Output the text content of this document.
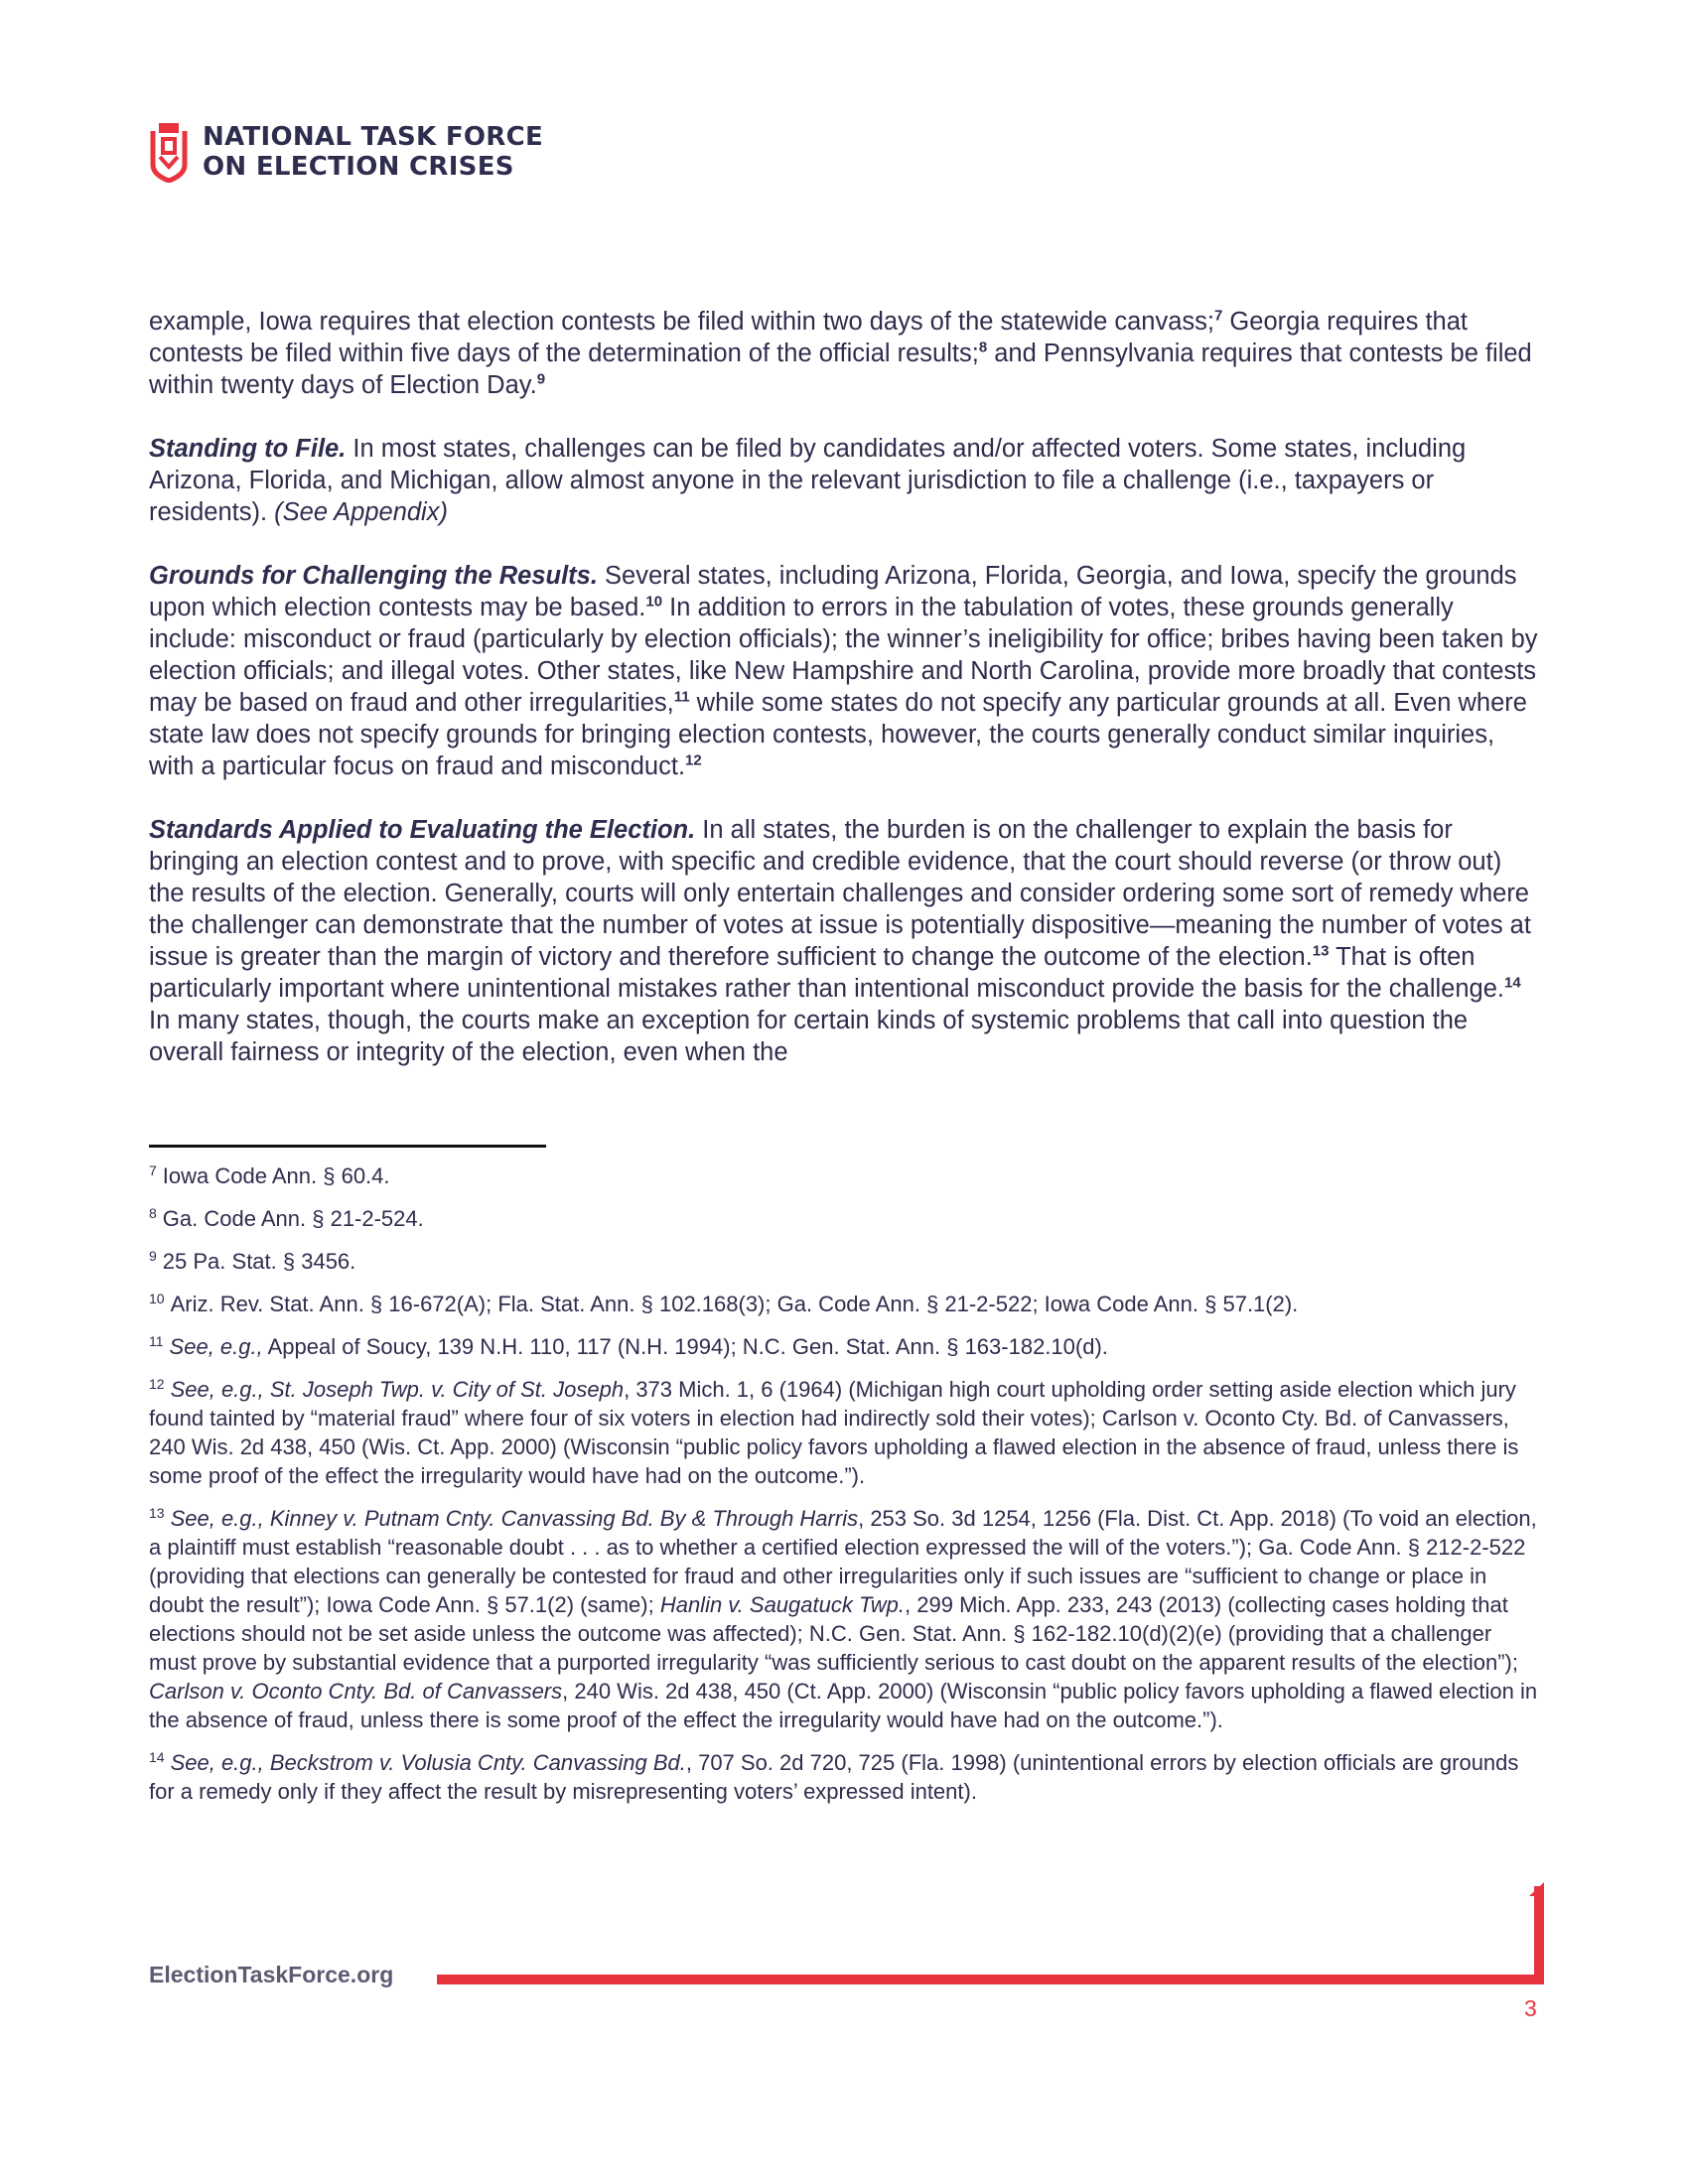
NATIONAL TASK FORCE
ON ELECTION CRISES

example, Iowa requires that election contests be filed within two days of the statewide canvass;$^7$ Georgia requires that contests be filed within five days of the determination of the official results;$^8$ and Pennsylvania requires that contests be filed within twenty days of Election Day.$^9$

Standing to File. In most states, challenges can be filed by candidates and/or affected voters. Some states, including Arizona, Florida, and Michigan, allow almost anyone in the relevant jurisdiction to file a challenge (i.e., taxpayers or residents). (See Appendix)

Grounds for Challenging the Results. Several states, including Arizona, Florida, Georgia, and Iowa, specify the grounds upon which election contests may be based.$^{10}$ In addition to errors in the tabulation of votes, these grounds generally include: misconduct or fraud (particularly by election officials); the winner’s ineligibility for office; bribes having been taken by election officials; and illegal votes. Other states, like New Hampshire and North Carolina, provide more broadly that contests may be based on fraud and other irregularities,$^{11}$ while some states do not specify any particular grounds at all. Even where state law does not specify grounds for bringing election contests, however, the courts generally conduct similar inquiries, with a particular focus on fraud and misconduct.$^{12}$

Standards Applied to Evaluating the Election. In all states, the burden is on the challenger to explain the basis for bringing an election contest and to prove, with specific and credible evidence, that the court should reverse (or throw out) the results of the election. Generally, courts will only entertain challenges and consider ordering some sort of remedy where the challenger can demonstrate that the number of votes at issue is potentially dispositive—meaning the number of votes at issue is greater than the margin of victory and therefore sufficient to change the outcome of the election.$^{13}$ That is often particularly important where unintentional mistakes rather than intentional misconduct provide the basis for the challenge.$^{14}$ In many states, though, the courts make an exception for certain kinds of systemic problems that call into question the overall fairness or integrity of the election, even when the

$^7$ Iowa Code Ann. § 60.4.
$^8$ Ga. Code Ann. § 21-2-524.
$^9$ 25 Pa. Stat. § 3456.
$^{10}$ Ariz. Rev. Stat. Ann. § 16-672(A); Fla. Stat. Ann. § 102.168(3); Ga. Code Ann. § 21-2-522; Iowa Code Ann. § 57.1(2).
$^{11}$ See, e.g., Appeal of Soucy, 139 N.H. 110, 117 (N.H. 1994); N.C. Gen. Stat. Ann. § 163-182.10(d).
$^{12}$ See, e.g., St. Joseph Twp. v. City of St. Joseph, 373 Mich. 1, 6 (1964) (Michigan high court upholding order setting aside election which jury found tainted by “material fraud” where four of six voters in election had indirectly sold their votes); Carlson v. Oconto Cty. Bd. of Canvassers, 240 Wis. 2d 438, 450 (Wis. Ct. App. 2000) (Wisconsin “public policy favors upholding a flawed election in the absence of fraud, unless there is some proof of the effect the irregularity would have had on the outcome.”).
$^{13}$ See, e.g., Kinney v. Putnam Cnty. Canvassing Bd. By & Through Harris, 253 So. 3d 1254, 1256 (Fla. Dist. Ct. App. 2018) (To void an election, a plaintiff must establish “reasonable doubt . . . as to whether a certified election expressed the will of the voters.”); Ga. Code Ann. § 212-2-522 (providing that elections can generally be contested for fraud and other irregularities only if such issues are “sufficient to change or place in doubt the result”); Iowa Code Ann. § 57.1(2) (same); Hanlin v. Saugatuck Twp., 299 Mich. App. 233, 243 (2013) (collecting cases holding that elections should not be set aside unless the outcome was affected); N.C. Gen. Stat. Ann. § 162-182.10(d)(2)(e) (providing that a challenger must prove by substantial evidence that a purported irregularity “was sufficiently serious to cast doubt on the apparent results of the election”); Carlson v. Oconto Cnty. Bd. of Canvassers, 240 Wis. 2d 438, 450 (Ct. App. 2000) (Wisconsin “public policy favors upholding a flawed election in the absence of fraud, unless there is some proof of the effect the irregularity would have had on the outcome.”).
$^{14}$ See, e.g., Beckstrom v. Volusia Cnty. Canvassing Bd., 707 So. 2d 720, 725 (Fla. 1998) (unintentional errors by election officials are grounds for a remedy only if they affect the result by misrepresenting voters’ expressed intent).
ElectionTaskForce.org
3
